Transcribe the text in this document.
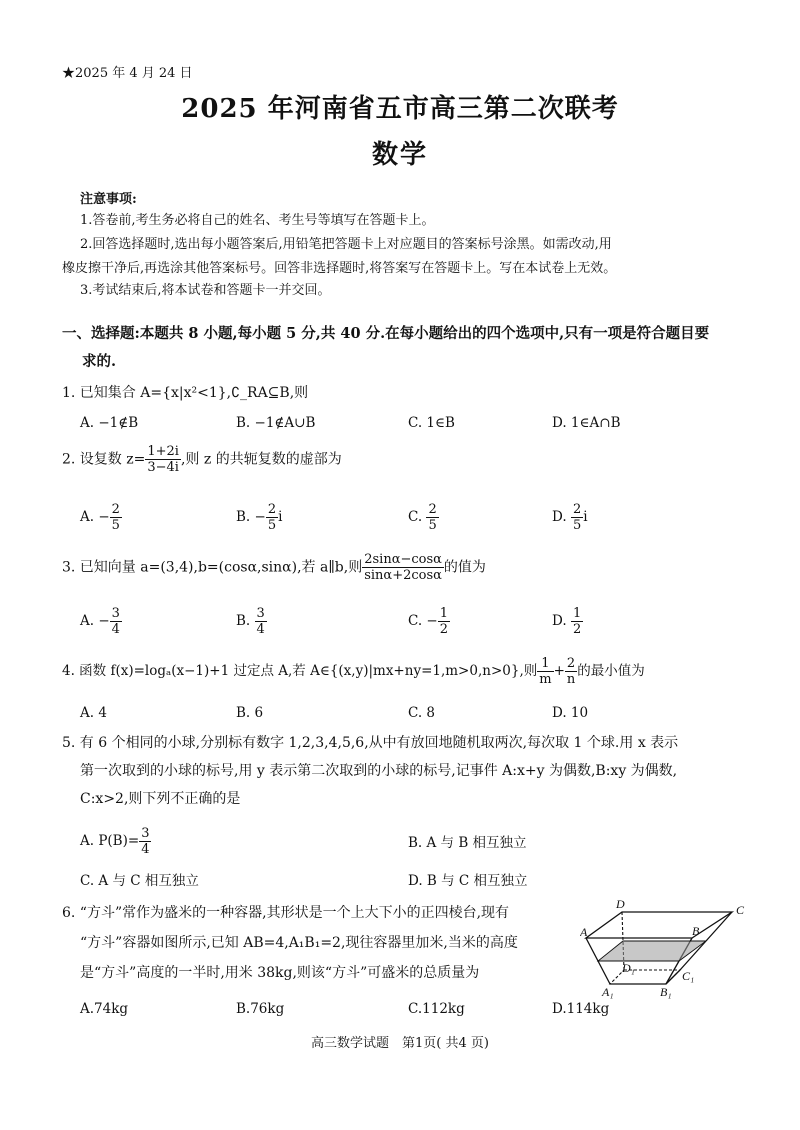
★2025 年 4 月 24 日
2025 年河南省五市高三第二次联考
数学
注意事项:
1.答卷前,考生务必将自己的姓名、考生号等填写在答题卡上。
2.回答选择题时,选出每小题答案后,用铅笔把答题卡上对应题目的答案标号涂黑。如需改动,用
橡皮擦干净后,再选涂其他答案标号。回答非选择题时,将答案写在答题卡上。写在本试卷上无效。
3.考试结束后,将本试卷和答题卡一并交回。
一、选择题:本题共 8 小题,每小题 5 分,共 40 分.在每小题给出的四个选项中,只有一项是符合题目要
求的.
1. 已知集合 A={x|x²<1},∁_RA⊆B,则
A. −1∉B	B. −1∉A∪B	C. 1∈B	D. 1∈A∩B
2. 设复数 $z= \frac{1+2i}{3-4i}$ ,则 z 的共轭复数的虚部为
A. − $\frac{2}{5}$	B. − $\frac{2}{5}$ i	C. $\frac{2}{5}$	D. $\frac{2}{5}$ i
3. 已知向量 a=(3,4),b=(cosα,sinα),若 a∥b,则 $\frac{2\sin\alpha-\cos\alpha}{\sin\alpha+2\cos\alpha}$ 的值为
A. − $\frac{3}{4}$	B. $\frac{3}{4}$	C. − $\frac{1}{2}$	D. $\frac{1}{2}$
4. 函数 f(x)=logₐ(x−1)+1 过定点 A,若 A∈{(x,y)|mx+ny=1,m>0,n>0},则 $\frac{1}{m} + \frac{2}{n}$ 的最小值为
A. 4	B. 6	C. 8	D. 10
5. 有 6 个相同的小球,分别标有数字 1,2,3,4,5,6,从中有放回地随机取两次,每次取 1 个球.用 x 表示
第一次取到的小球的标号,用 y 表示第二次取到的小球的标号,记事件 A:x+y 为偶数,B:xy 为偶数,
C:x>2,则下列不正确的是
A. $P(B)= \frac{3}{4}$	B. A 与 B 相互独立
C. A 与 C 相互独立	D. B 与 C 相互独立
6. “方斗”常作为盛米的一种容器,其形状是一个上大下小的正四棱台,现有
“方斗”容器如图所示,已知 AB=4,A₁B₁=2,现往容器里加米,当米的高度
是“方斗”高度的一半时,用米 38kg,则该“方斗”可盛米的总质量为
A.74kg	B.76kg	C.112kg	D.114kg
D	C
A	B
D₁
C₁
A₁	B₁
高三数学试题　第1页( 共4 页)
